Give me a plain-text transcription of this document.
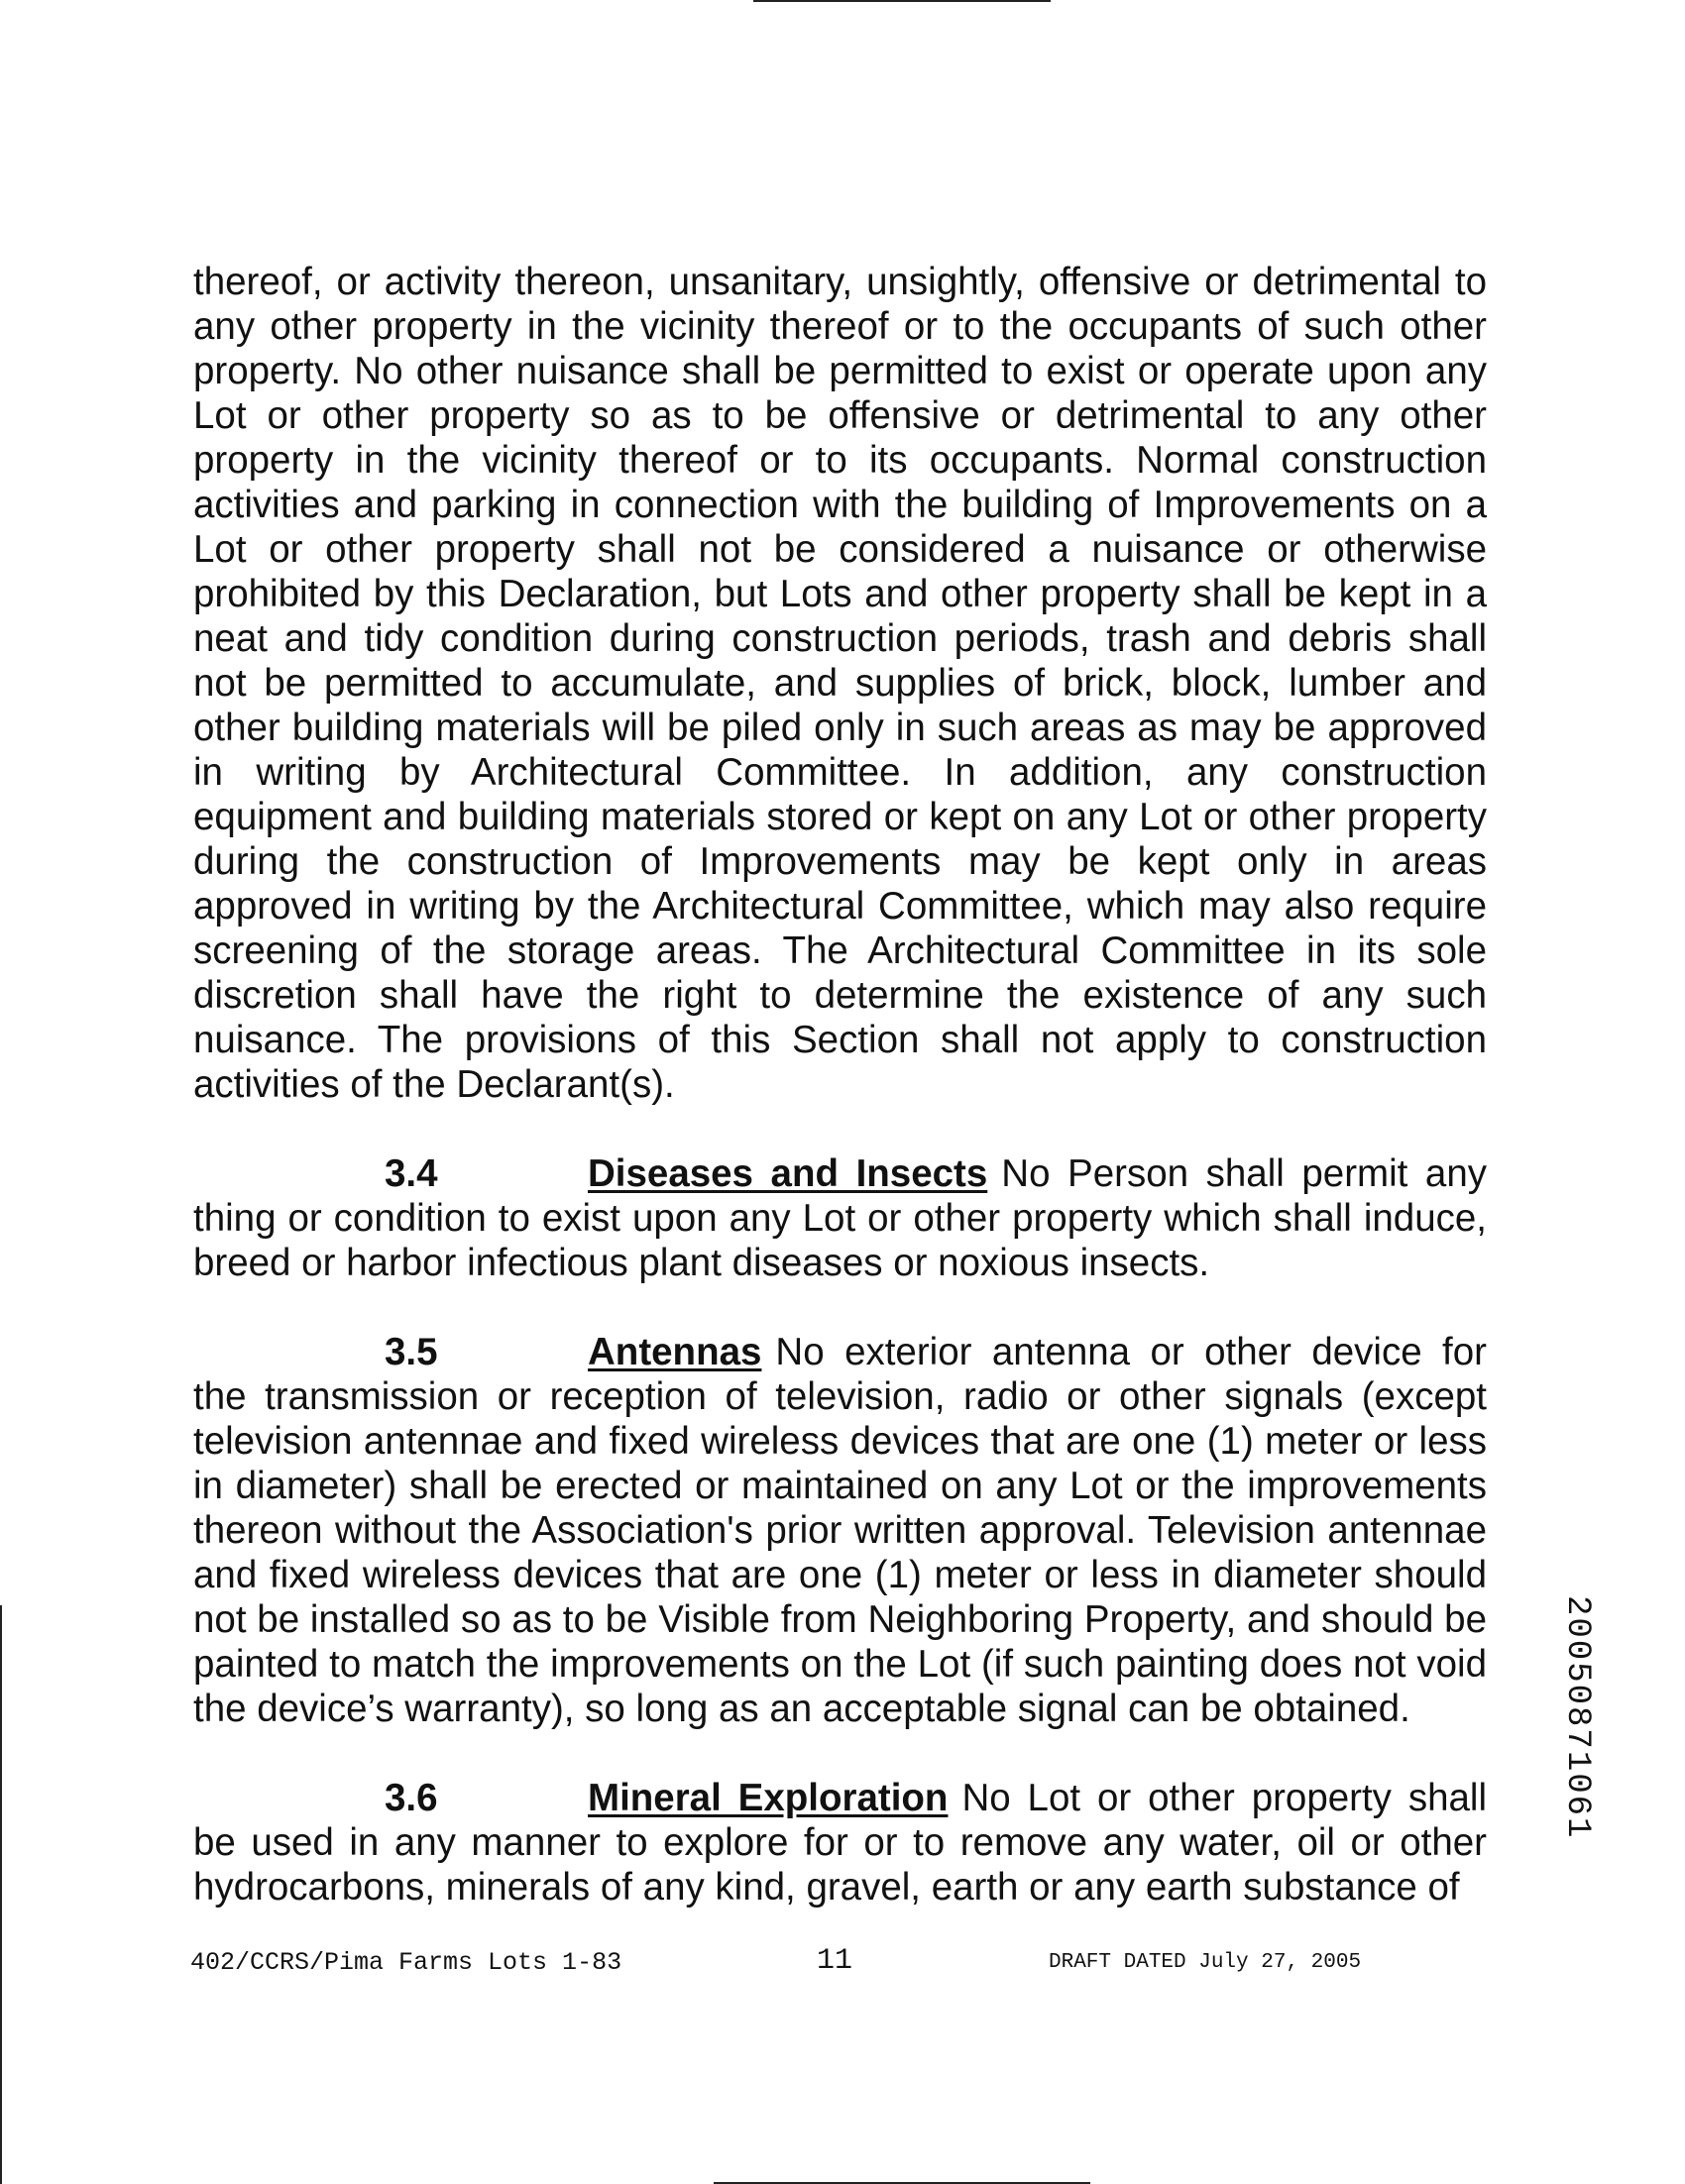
thereof, or activity thereon, unsanitary, unsightly, offensive or detrimental to any other property in the vicinity thereof or to the occupants of such other property. No other nuisance shall be permitted to exist or operate upon any Lot or other property so as to be offensive or detrimental to any other property in the vicinity thereof or to its occupants. Normal construction activities and parking in connection with the building of Improvements on a Lot or other property shall not be considered a nuisance or otherwise prohibited by this Declaration, but Lots and other property shall be kept in a neat and tidy condition during construction periods, trash and debris shall not be permitted to accumulate, and supplies of brick, block, lumber and other building materials will be piled only in such areas as may be approved in writing by Architectural Committee. In addition, any construction equipment and building materials stored or kept on any Lot or other property during the construction of Improvements may be kept only in areas approved in writing by the Architectural Committee, which may also require screening of the storage areas. The Architectural Committee in its sole discretion shall have the right to determine the existence of any such nuisance. The provisions of this Section shall not apply to construction activities of the Declarant(s).

3.4	Diseases and Insects No Person shall permit any thing or condition to exist upon any Lot or other property which shall induce, breed or harbor infectious plant diseases or noxious insects.

3.5	Antennas No exterior antenna or other device for the transmission or reception of television, radio or other signals (except television antennae and fixed wireless devices that are one (1) meter or less in diameter) shall be erected or maintained on any Lot or the improvements thereon without the Association's prior written approval. Television antennae and fixed wireless devices that are one (1) meter or less in diameter should not be installed so as to be Visible from Neighboring Property, and should be painted to match the improvements on the Lot (if such painting does not void the device’s warranty), so long as an acceptable signal can be obtained.

3.6	Mineral Exploration No Lot or other property shall be used in any manner to explore for or to remove any water, oil or other hydrocarbons, minerals of any kind, gravel, earth or any earth substance of

20050871061
402/CCRS/Pima Farms Lots 1-83	11	DRAFT DATED July 27, 2005
